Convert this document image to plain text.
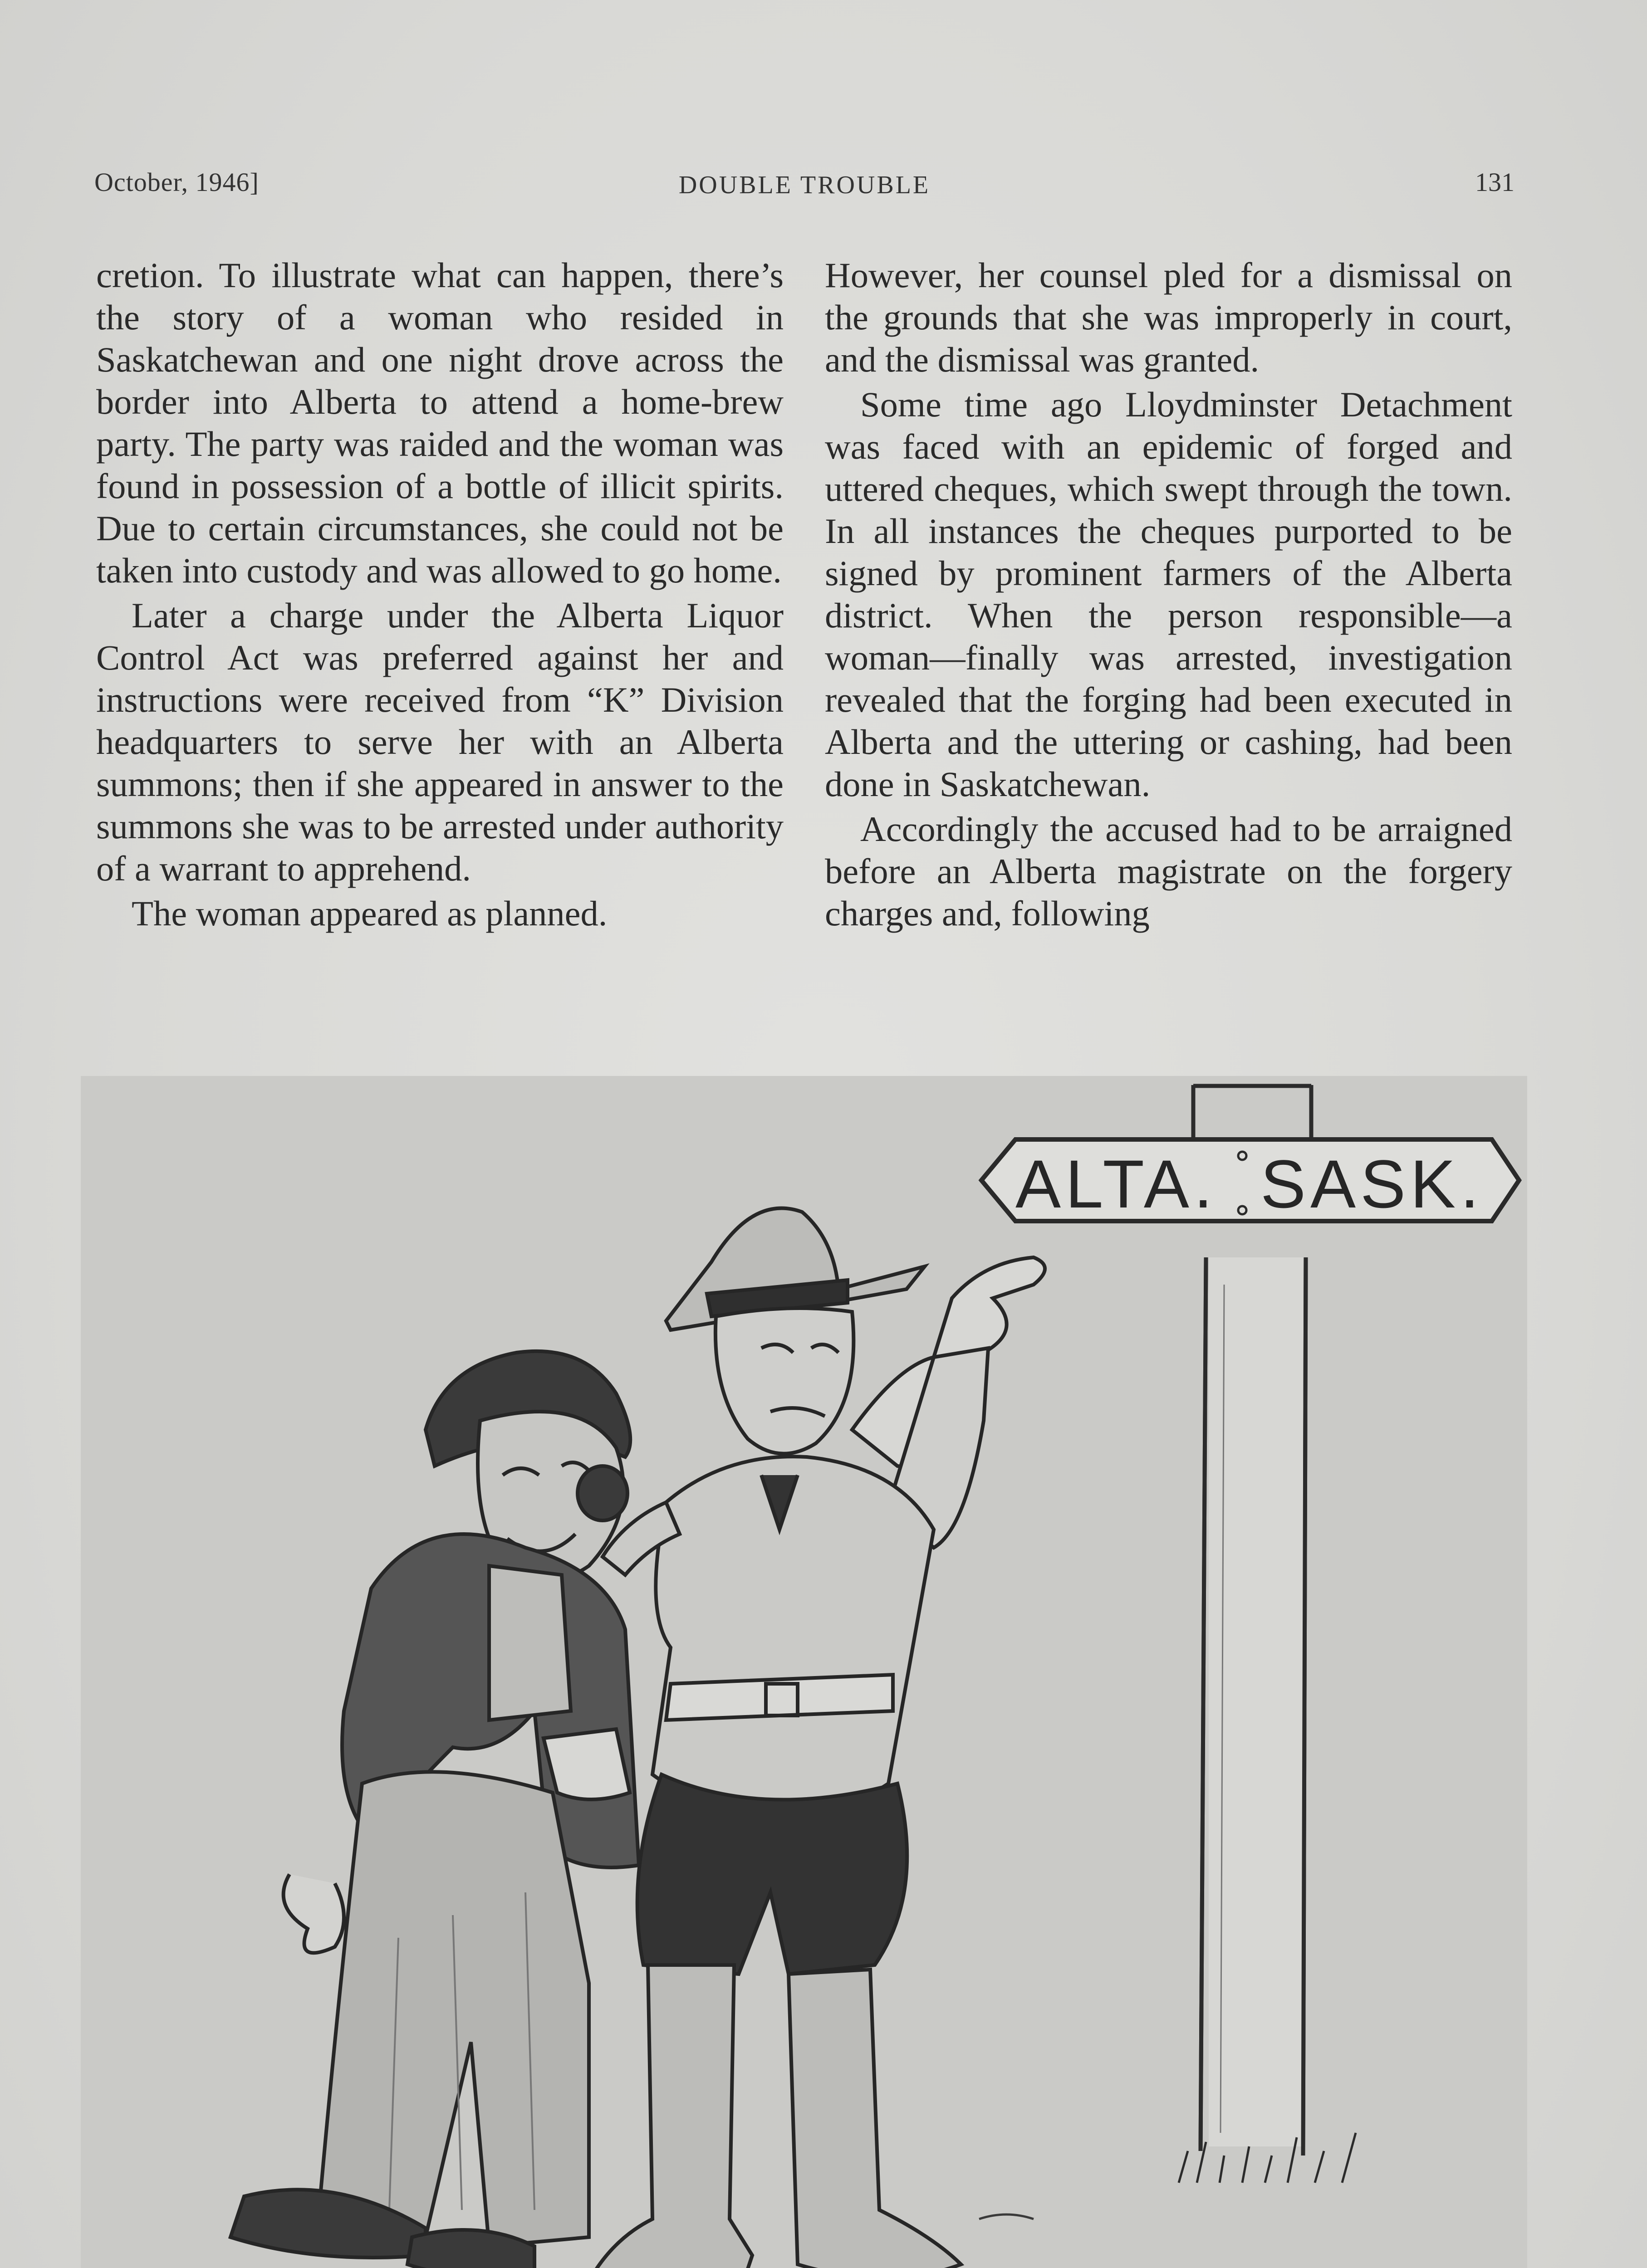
October, 1946]	DOUBLE TROUBLE	131

cretion. To illustrate what can happen, there’s the story of a woman who resided in Saskatchewan and one night drove across the border into Alberta to attend a home-brew party. The party was raided and the woman was found in possession of a bottle of illicit spirits. Due to certain circumstances, she could not be taken into custody and was allowed to go home.

Later a charge under the Alberta Liquor Control Act was preferred against her and instructions were received from “K” Division headquarters to serve her with an Alberta summons; then if she appeared in answer to the summons she was to be arrested under authority of a warrant to apprehend.

The woman appeared as planned.

However, her counsel pled for a dismissal on the grounds that she was improperly in court, and the dismissal was granted.

Some time ago Lloydminster Detachment was faced with an epidemic of forged and uttered cheques, which swept through the town. In all instances the cheques purported to be signed by prominent farmers of the Alberta district. When the person responsible—a woman—finally was arrested, investigation revealed that the forging had been executed in Alberta and the uttering or cashing, had been done in Saskatchewan.

Accordingly the accused had to be arraigned before an Alberta magistrate on the forgery charges and, following

ALTA. SASK.
